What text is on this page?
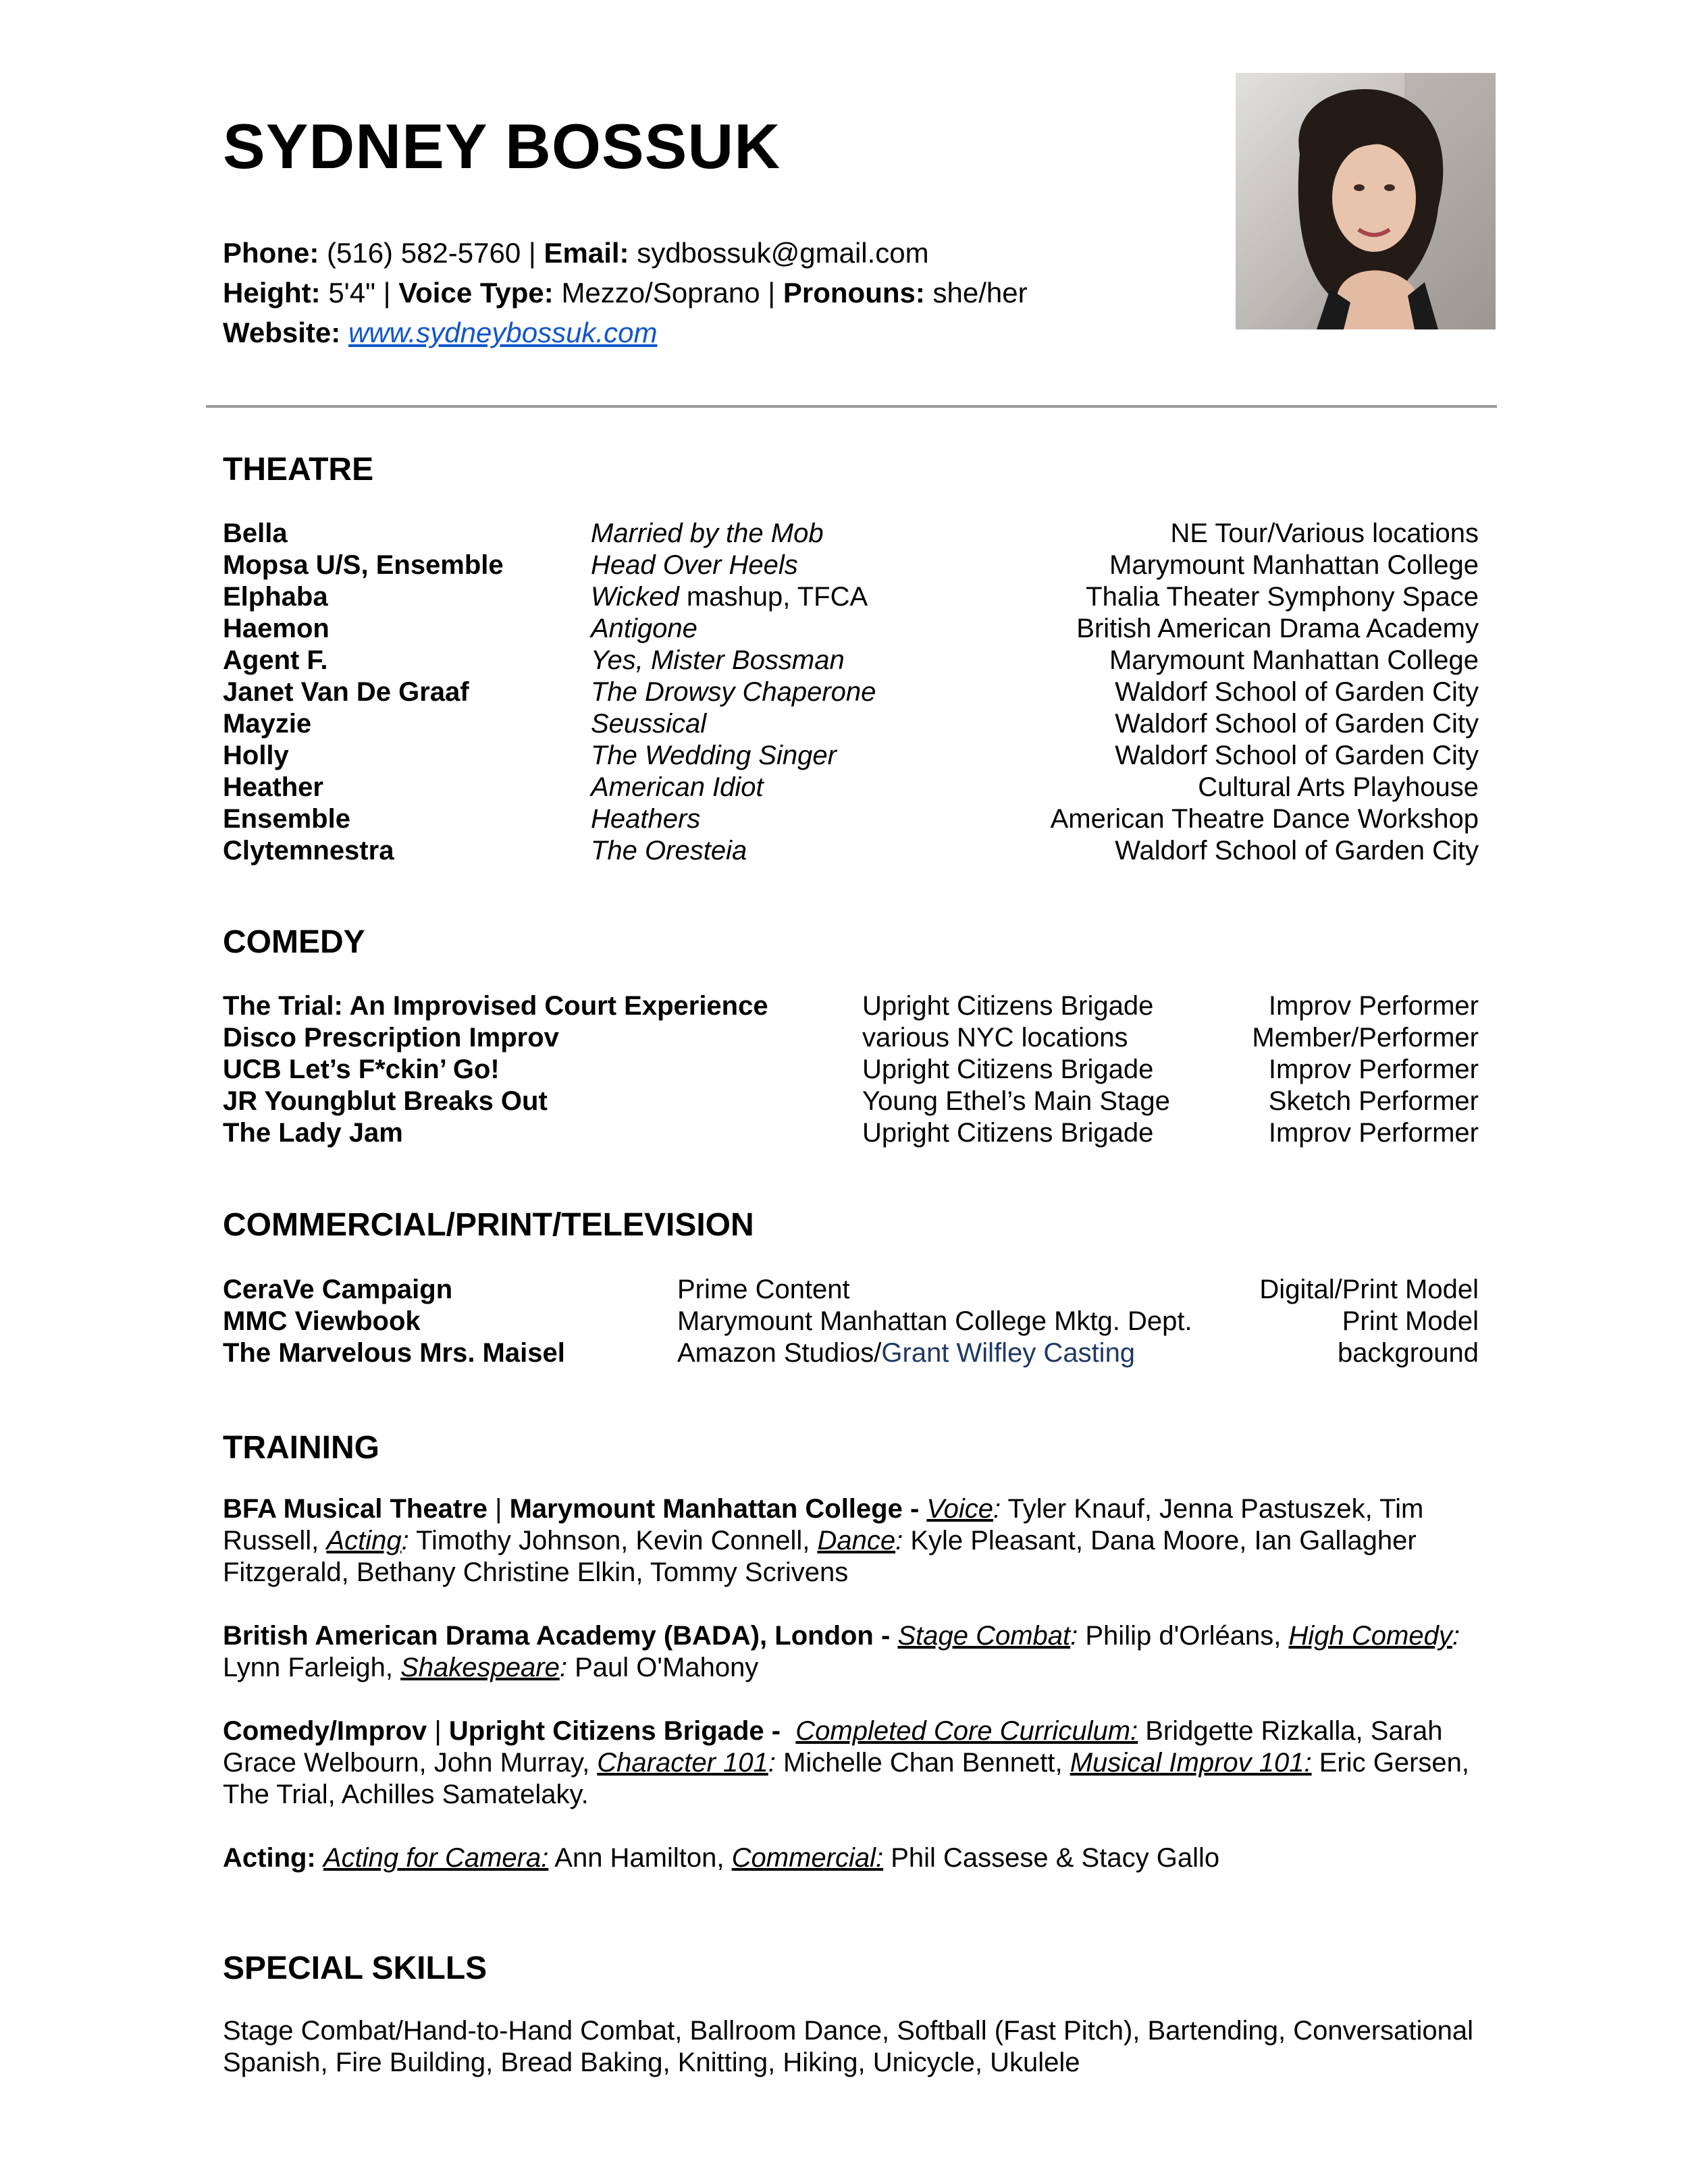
SYDNEY BOSSUK
Phone: (516) 582-5760 | Email: sydbossuk@gmail.com
Height: 5'4" | Voice Type: Mezzo/Soprano | Pronouns: she/her
Website: www.sydneybossuk.com
THEATRE
Bella	Married by the Mob	NE Tour/Various locations
Mopsa U/S, Ensemble	Head Over Heels	Marymount Manhattan College
Elphaba	Wicked mashup, TFCA	Thalia Theater Symphony Space
Haemon	Antigone	British American Drama Academy
Agent F.	Yes, Mister Bossman	Marymount Manhattan College
Janet Van De Graaf	The Drowsy Chaperone	Waldorf School of Garden City
Mayzie	Seussical	Waldorf School of Garden City
Holly	The Wedding Singer	Waldorf School of Garden City
Heather	American Idiot	Cultural Arts Playhouse
Ensemble	Heathers	American Theatre Dance Workshop
Clytemnestra	The Oresteia	Waldorf School of Garden City
COMEDY
The Trial: An Improvised Court Experience	Upright Citizens Brigade	Improv Performer
Disco Prescription Improv	various NYC locations	Member/Performer
UCB Let’s F*ckin’ Go!	Upright Citizens Brigade	Improv Performer
JR Youngblut Breaks Out	Young Ethel’s Main Stage	Sketch Performer
The Lady Jam	Upright Citizens Brigade	Improv Performer
COMMERCIAL/PRINT/TELEVISION
CeraVe Campaign	Prime Content	Digital/Print Model
MMC Viewbook	Marymount Manhattan College Mktg. Dept.	Print Model
The Marvelous Mrs. Maisel	Amazon Studios/Grant Wilfley Casting	background
TRAINING
BFA Musical Theatre | Marymount Manhattan College - Voice: Tyler Knauf, Jenna Pastuszek, Tim Russell, Acting: Timothy Johnson, Kevin Connell, Dance: Kyle Pleasant, Dana Moore, Ian Gallagher Fitzgerald, Bethany Christine Elkin, Tommy Scrivens
British American Drama Academy (BADA), London - Stage Combat: Philip d'Orléans, High Comedy: Lynn Farleigh, Shakespeare: Paul O'Mahony
Comedy/Improv | Upright Citizens Brigade - Completed Core Curriculum: Bridgette Rizkalla, Sarah Grace Welbourn, John Murray, Character 101: Michelle Chan Bennett, Musical Improv 101: Eric Gersen, The Trial, Achilles Samatelaky.
Acting: Acting for Camera: Ann Hamilton, Commercial: Phil Cassese & Stacy Gallo
SPECIAL SKILLS
Stage Combat/Hand-to-Hand Combat, Ballroom Dance, Softball (Fast Pitch), Bartending, Conversational Spanish, Fire Building, Bread Baking, Knitting, Hiking, Unicycle, Ukulele
